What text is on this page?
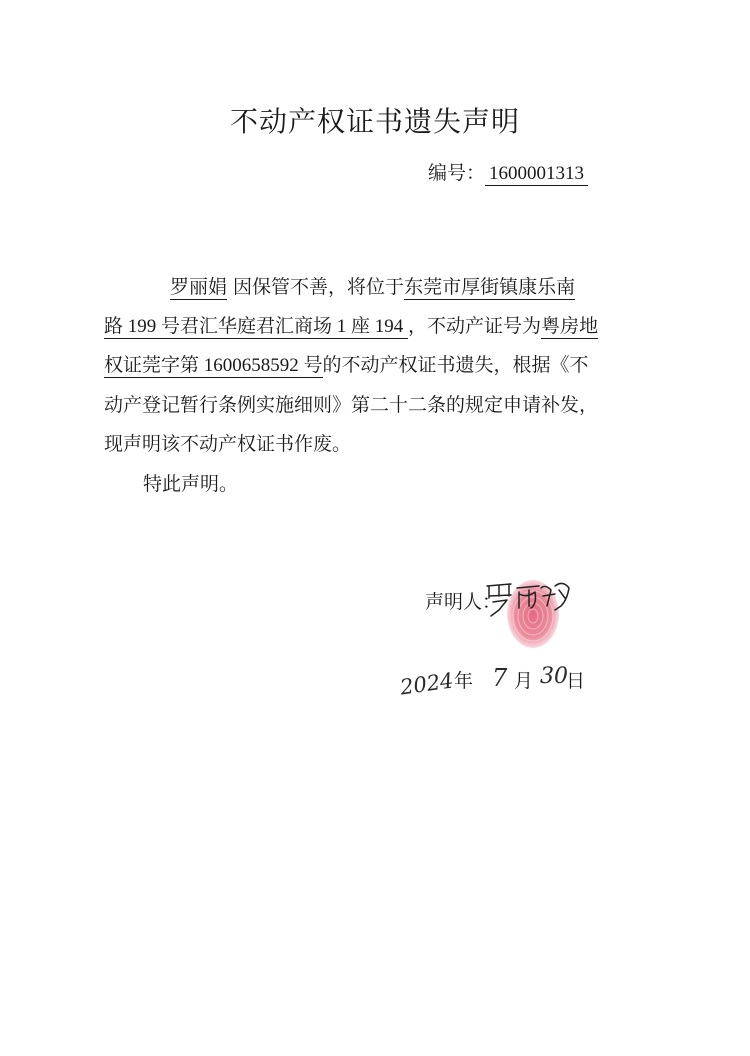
不动产权证书遗失声明
编号： 1600001313
罗丽娟 因保管不善，将位于东莞市厚街镇康乐南
路 199 号君汇华庭君汇商场 1 座 194 ，不动产证号为粤房地
权证莞字第 1600658592 号的不动产权证书遗失，根据《不
动产登记暂行条例实施细则》第二十二条的规定申请补发，
现声明该不动产权证书作废。
特此声明。
声明人：
2024 年 7 月 30
日
